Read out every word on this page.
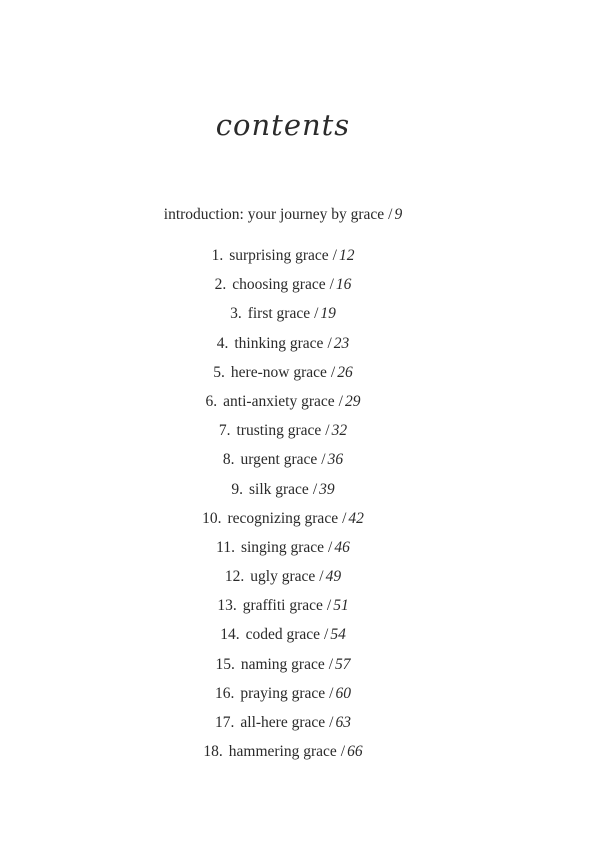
contents
introduction: your journey by grace / 9
1. surprising grace / 12
2. choosing grace / 16
3. first grace / 19
4. thinking grace / 23
5. here-now grace / 26
6. anti-anxiety grace / 29
7. trusting grace / 32
8. urgent grace / 36
9. silk grace / 39
10. recognizing grace / 42
11. singing grace / 46
12. ugly grace / 49
13. graffiti grace / 51
14. coded grace / 54
15. naming grace / 57
16. praying grace / 60
17. all-here grace / 63
18. hammering grace / 66
